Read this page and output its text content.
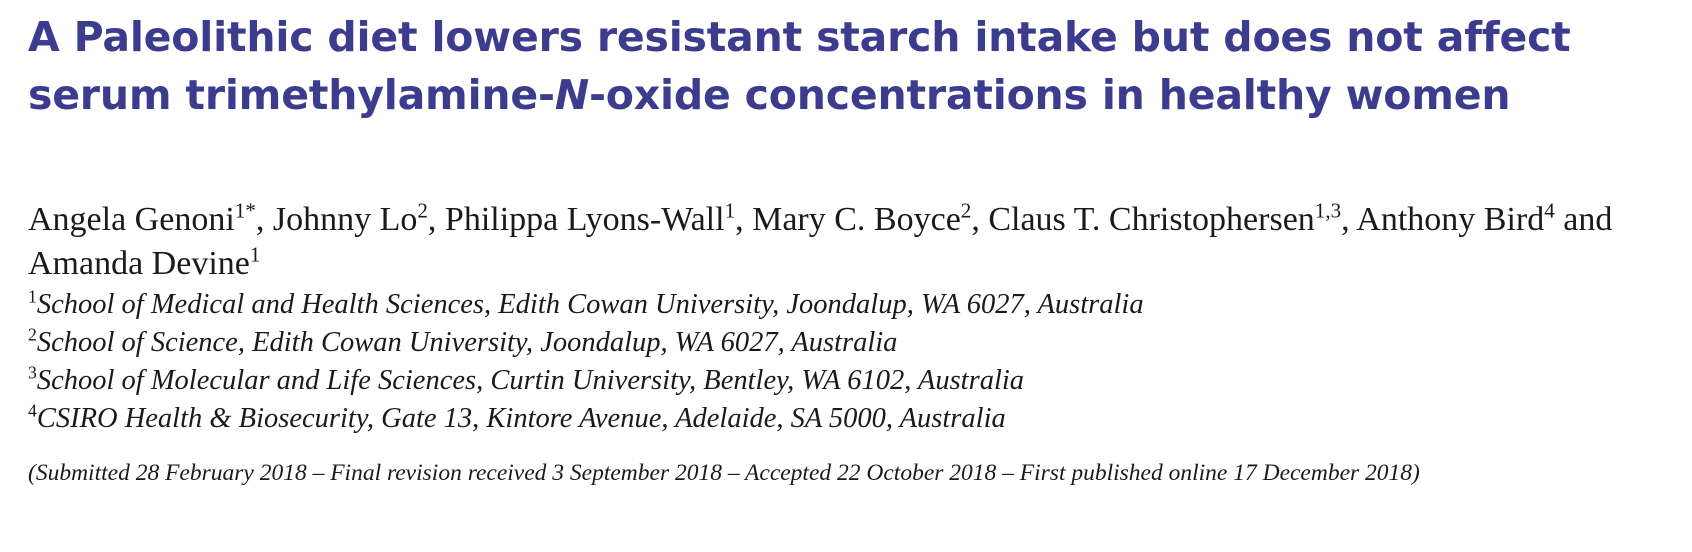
A Paleolithic diet lowers resistant starch intake but does not affect serum trimethylamine-N-oxide concentrations in healthy women

Angela Genoni$^{1*}$, Johnny Lo$^2$, Philippa Lyons-Wall$^1$, Mary C. Boyce$^2$, Claus T. Christophersen$^{1,3}$, Anthony Bird$^4$ and Amanda Devine$^1$

$^1$School of Medical and Health Sciences, Edith Cowan University, Joondalup, WA 6027, Australia
$^2$School of Science, Edith Cowan University, Joondalup, WA 6027, Australia
$^3$School of Molecular and Life Sciences, Curtin University, Bentley, WA 6102, Australia
$^4$CSIRO Health & Biosecurity, Gate 13, Kintore Avenue, Adelaide, SA 5000, Australia

(Submitted 28 February 2018 – Final revision received 3 September 2018 – Accepted 22 October 2018 – First published online 17 December 2018)
